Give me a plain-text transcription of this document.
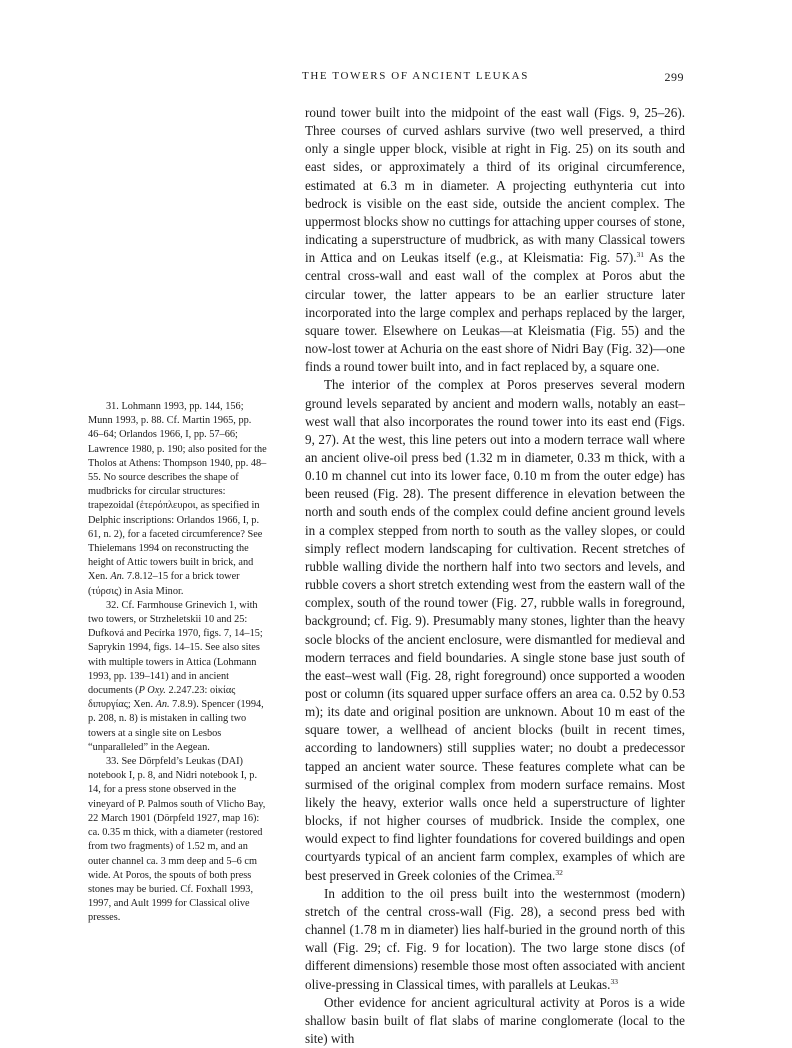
THE TOWERS OF ANCIENT LEUKAS	299

round tower built into the midpoint of the east wall (Figs. 9, 25–26). Three courses of curved ashlars survive (two well preserved, a third only a single upper block, visible at right in Fig. 25) on its south and east sides, or approximately a third of its original circumference, estimated at 6.3 m in diameter. A projecting euthynteria cut into bedrock is visible on the east side, outside the ancient complex. The uppermost blocks show no cuttings for attaching upper courses of stone, indicating a superstructure of mudbrick, as with many Classical towers in Attica and on Leukas itself (e.g., at Kleismatia: Fig. 57).$^{31}$ As the central cross-wall and east wall of the complex at Poros abut the circular tower, the latter appears to be an earlier structure later incorporated into the large complex and perhaps replaced by the larger, square tower. Elsewhere on Leukas—at Kleismatia (Fig. 55) and the now-lost tower at Achuria on the east shore of Nidri Bay (Fig. 32)—one finds a round tower built into, and in fact replaced by, a square one.

The interior of the complex at Poros preserves several modern ground levels separated by ancient and modern walls, notably an east–west wall that also incorporates the round tower into its east end (Figs. 9, 27). At the west, this line peters out into a modern terrace wall where an ancient olive-oil press bed (1.32 m in diameter, 0.33 m thick, with a 0.10 m channel cut into its lower face, 0.10 m from the outer edge) has been reused (Fig. 28). The present difference in elevation between the north and south ends of the complex could define ancient ground levels in a complex stepped from north to south as the valley slopes, or could simply reflect modern landscaping for cultivation. Recent stretches of rubble walling divide the northern half into two sectors and levels, and rubble covers a short stretch extending west from the eastern wall of the complex, south of the round tower (Fig. 27, rubble walls in foreground, background; cf. Fig. 9). Presumably many stones, lighter than the heavy socle blocks of the ancient enclosure, were dismantled for medieval and modern terraces and field boundaries. A single stone base just south of the east–west wall (Fig. 28, right foreground) once supported a wooden post or column (its squared upper surface offers an area ca. 0.52 by 0.53 m); its date and original position are unknown. About 10 m east of the square tower, a wellhead of ancient blocks (built in recent times, according to landowners) still supplies water; no doubt a predecessor tapped an ancient water source. These features complete what can be surmised of the original complex from modern surface remains. Most likely the heavy, exterior walls once held a superstructure of lighter blocks, if not higher courses of mudbrick. Inside the complex, one would expect to find lighter foundations for covered buildings and open courtyards typical of an ancient farm complex, examples of which are best preserved in Greek colonies of the Crimea.$^{32}$

In addition to the oil press built into the westernmost (modern) stretch of the central cross-wall (Fig. 28), a second press bed with channel (1.78 m in diameter) lies half-buried in the ground north of this wall (Fig. 29; cf. Fig. 9 for location). The two large stone discs (of different dimensions) resemble those most often associated with ancient olive-pressing in Classical times, with parallels at Leukas.$^{33}$

Other evidence for ancient agricultural activity at Poros is a wide shallow basin built of flat slabs of marine conglomerate (local to the site) with

31. Lohmann 1993, pp. 144, 156; Munn 1993, p. 88. Cf. Martin 1965, pp. 46–64; Orlandos 1966, I, pp. 57–66; Lawrence 1980, p. 190; also posited for the Tholos at Athens: Thompson 1940, pp. 48–55. No source describes the shape of mudbricks for circular structures: trapezoidal (ἑτερόπλευροι, as specified in Delphic inscriptions: Orlandos 1966, I, p. 61, n. 2), for a faceted circumference? See Thielemans 1994 on reconstructing the height of Attic towers built in brick, and Xen. An. 7.8.12–15 for a brick tower (τύρσις) in Asia Minor.

32. Cf. Farmhouse Grinevich 1, with two towers, or Strzheletskii 10 and 25: Dufková and Pecírka 1970, figs. 7, 14–15; Saprykin 1994, figs. 14–15. See also sites with multiple towers in Attica (Lohmann 1993, pp. 139–141) and in ancient documents (P Oxy. 2.247.23: οἰκίας διπυργίας; Xen. An. 7.8.9). Spencer (1994, p. 208, n. 8) is mistaken in calling two towers at a single site on Lesbos “unparalleled” in the Aegean.

33. See Dörpfeld’s Leukas (DAI) notebook I, p. 8, and Nidri notebook I, p. 14, for a press stone observed in the vineyard of P. Palmos south of Vlicho Bay, 22 March 1901 (Dörpfeld 1927, map 16): ca. 0.35 m thick, with a diameter (restored from two fragments) of 1.52 m, and an outer channel ca. 3 mm deep and 5–6 cm wide. At Poros, the spouts of both press stones may be buried. Cf. Foxhall 1993, 1997, and Ault 1999 for Classical olive presses.
